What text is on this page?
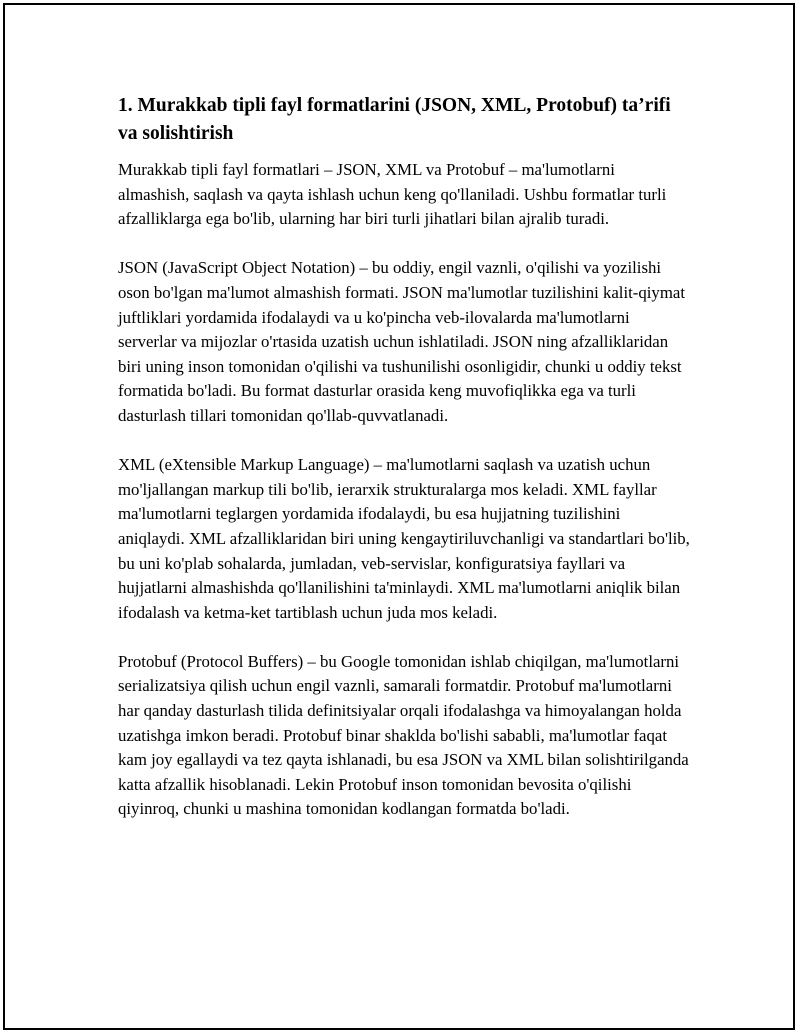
1. Murakkab tipli fayl formatlarini (JSON, XML, Protobuf) ta’rifi va solishtirish

Murakkab tipli fayl formatlari – JSON, XML va Protobuf – ma'lumotlarni almashish, saqlash va qayta ishlash uchun keng qo'llaniladi. Ushbu formatlar turli afzalliklarga ega bo'lib, ularning har biri turli jihatlari bilan ajralib turadi.

JSON (JavaScript Object Notation) – bu oddiy, engil vaznli, o'qilishi va yozilishi oson bo'lgan ma'lumot almashish formati. JSON ma'lumotlar tuzilishini kalit-qiymat juftliklari yordamida ifodalaydi va u ko'pincha veb-ilovalarda ma'lumotlarni serverlar va mijozlar o'rtasida uzatish uchun ishlatiladi. JSON ning afzalliklaridan biri uning inson tomonidan o'qilishi va tushunilishi osonligidir, chunki u oddiy tekst formatida bo'ladi. Bu format dasturlar orasida keng muvofiqlikka ega va turli dasturlash tillari tomonidan qo'llab-quvvatlanadi.

XML (eXtensible Markup Language) – ma'lumotlarni saqlash va uzatish uchun mo'ljallangan markup tili bo'lib, ierarxik strukturalarga mos keladi. XML fayllar ma'lumotlarni teglargen yordamida ifodalaydi, bu esa hujjatning tuzilishini aniqlaydi. XML afzalliklaridan biri uning kengaytiriluvchanligi va standartlari bo'lib, bu uni ko'plab sohalarda, jumladan, veb-servislar, konfiguratsiya fayllari va hujjatlarni almashishda qo'llanilishini ta'minlaydi. XML ma'lumotlarni aniqlik bilan ifodalash va ketma-ket tartiblash uchun juda mos keladi.

Protobuf (Protocol Buffers) – bu Google tomonidan ishlab chiqilgan, ma'lumotlarni serializatsiya qilish uchun engil vaznli, samarali formatdir. Protobuf ma'lumotlarni har qanday dasturlash tilida definitsiyalar orqali ifodalashga va himoyalangan holda uzatishga imkon beradi. Protobuf binar shaklda bo'lishi sababli, ma'lumotlar faqat kam joy egallaydi va tez qayta ishlanadi, bu esa JSON va XML bilan solishtirilganda katta afzallik hisoblanadi. Lekin Protobuf inson tomonidan bevosita o'qilishi qiyinroq, chunki u mashina tomonidan kodlangan formatda bo'ladi.
